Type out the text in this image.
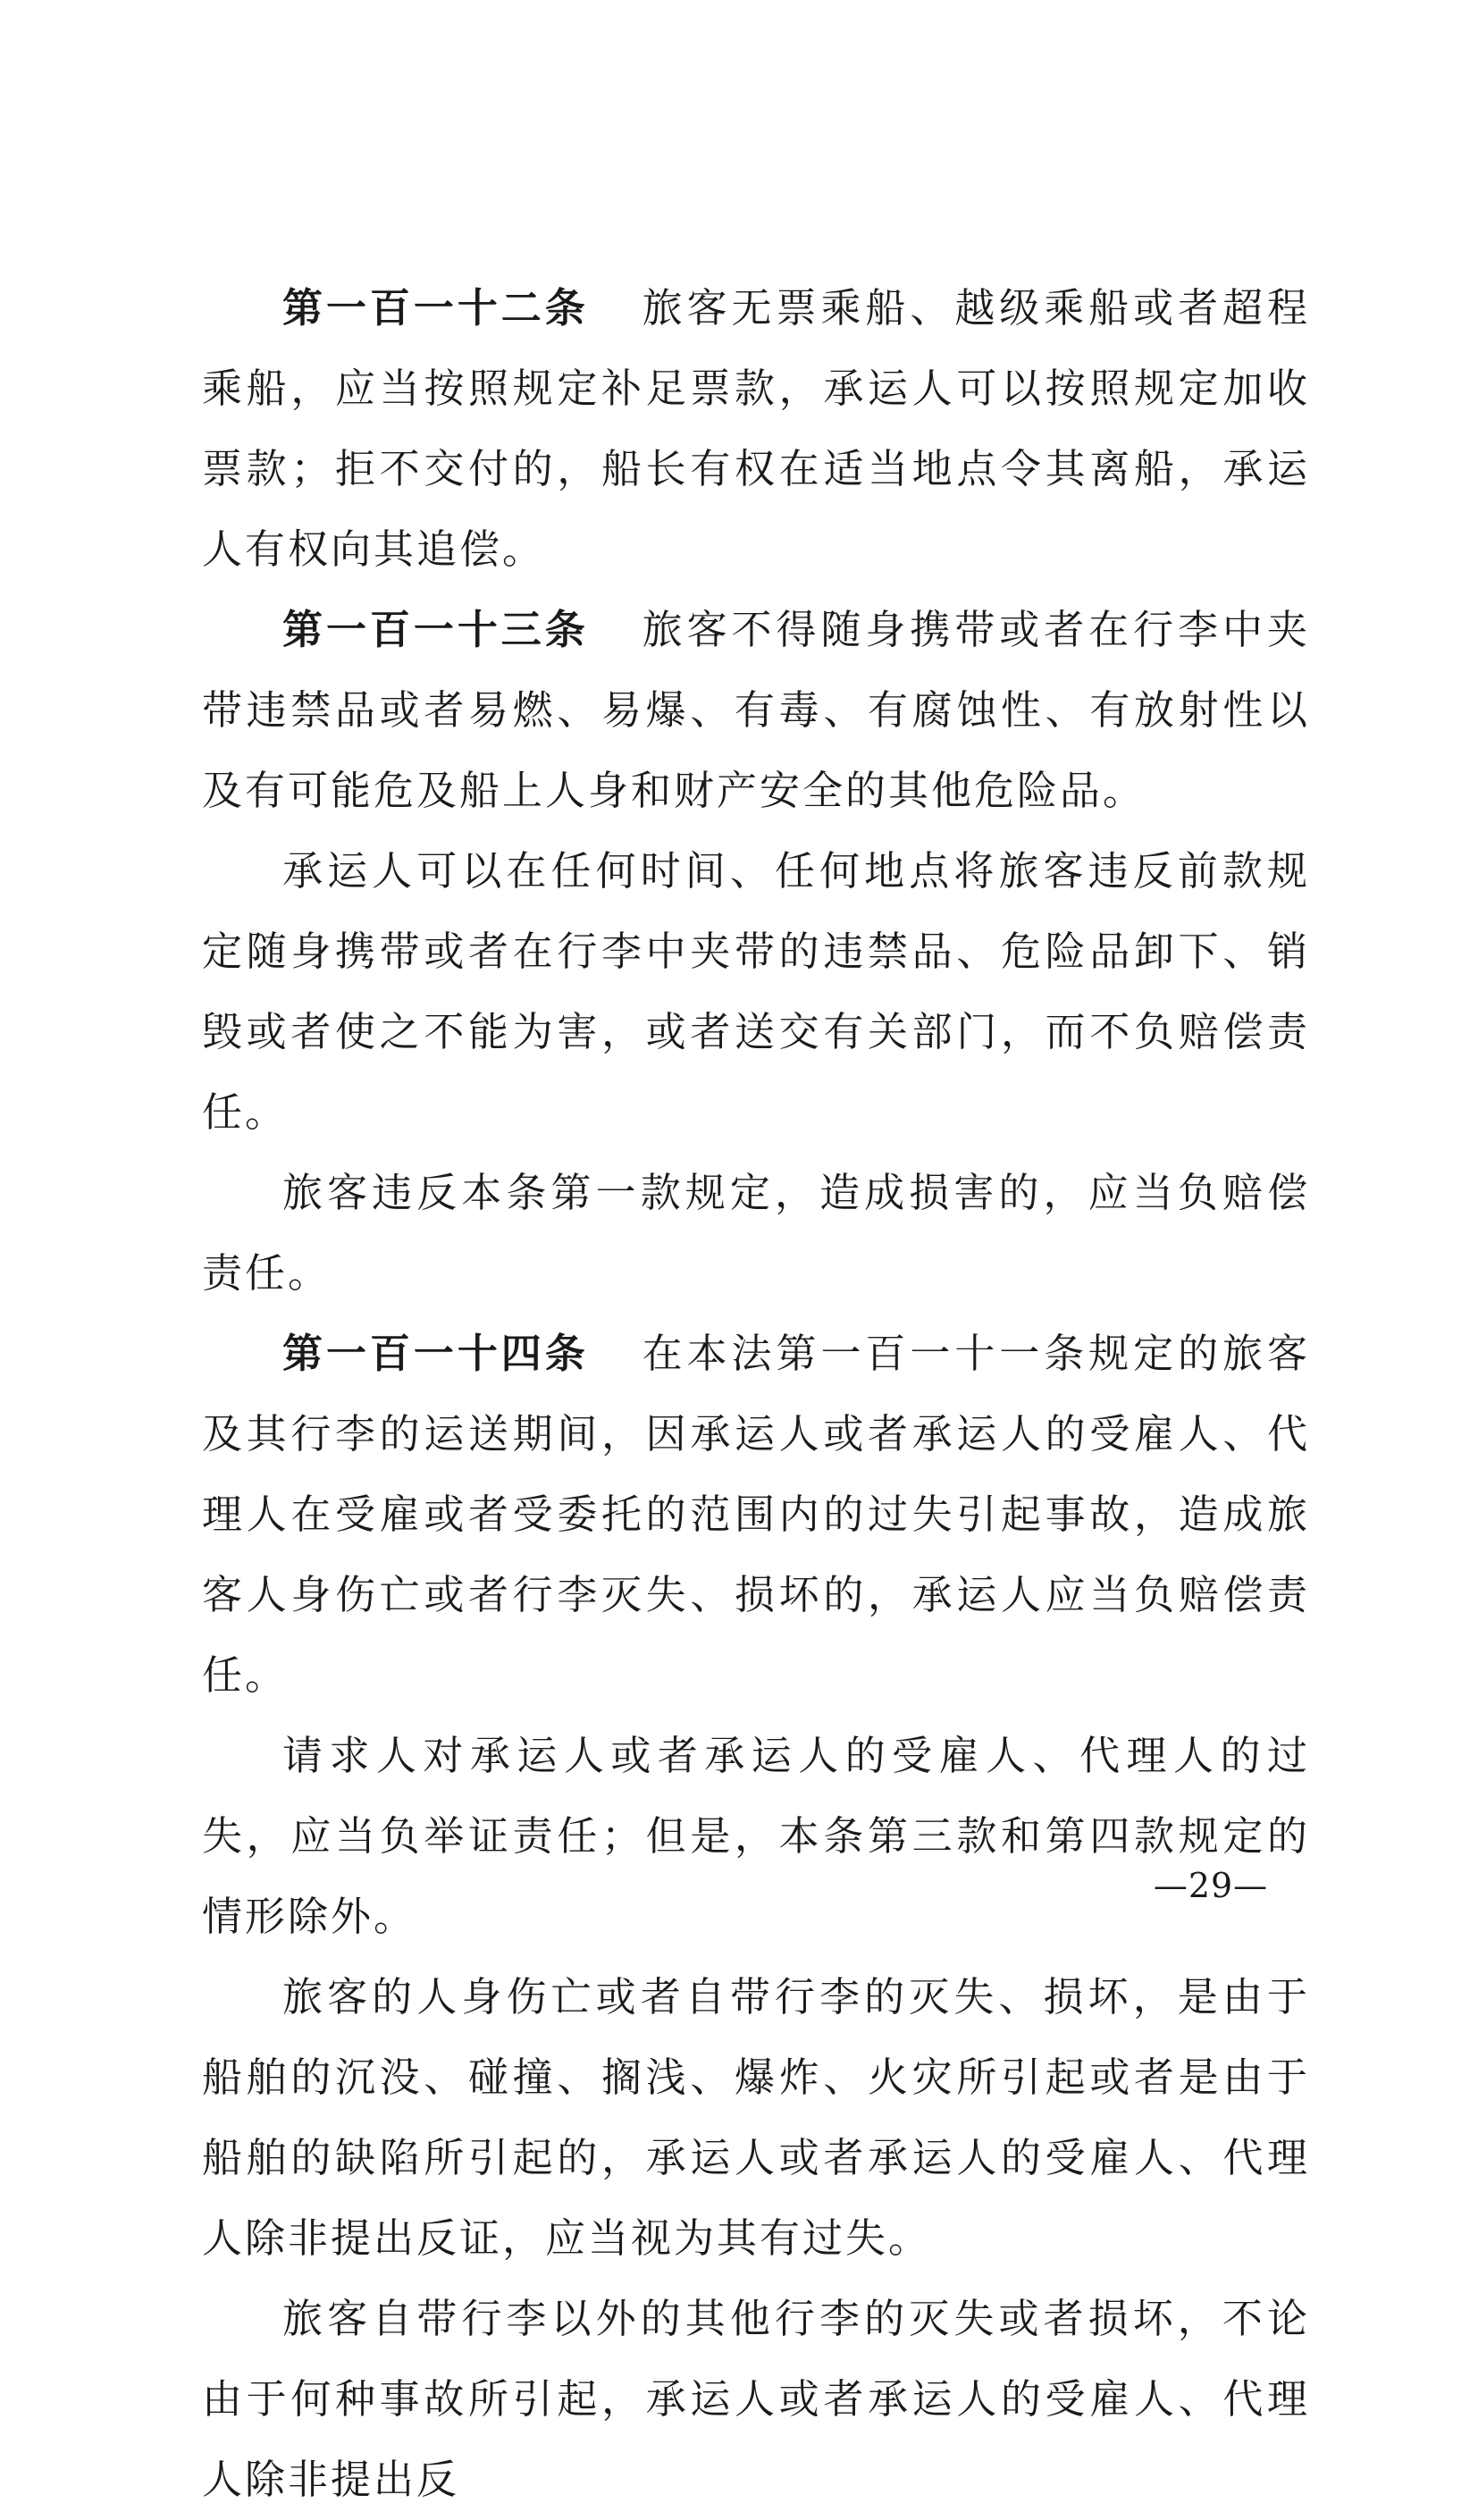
第一百一十二条 旅客无票乘船、越级乘船或者超程乘船，应当按照规定补足票款，承运人可以按照规定加收票款；拒不交付的，船长有权在适当地点令其离船，承运人有权向其追偿。

第一百一十三条 旅客不得随身携带或者在行李中夹带违禁品或者易燃、易爆、有毒、有腐蚀性、有放射性以及有可能危及船上人身和财产安全的其他危险品。

承运人可以在任何时间、任何地点将旅客违反前款规定随身携带或者在行李中夹带的违禁品、危险品卸下、销毁或者使之不能为害，或者送交有关部门，而不负赔偿责任。

旅客违反本条第一款规定，造成损害的，应当负赔偿责任。

第一百一十四条 在本法第一百一十一条规定的旅客及其行李的运送期间，因承运人或者承运人的受雇人、代理人在受雇或者受委托的范围内的过失引起事故，造成旅客人身伤亡或者行李灭失、损坏的，承运人应当负赔偿责任。

请求人对承运人或者承运人的受雇人、代理人的过失，应当负举证责任；但是，本条第三款和第四款规定的情形除外。

旅客的人身伤亡或者自带行李的灭失、损坏，是由于船舶的沉没、碰撞、搁浅、爆炸、火灾所引起或者是由于船舶的缺陷所引起的，承运人或者承运人的受雇人、代理人除非提出反证，应当视为其有过失。

旅客自带行李以外的其他行李的灭失或者损坏，不论由于何种事故所引起，承运人或者承运人的受雇人、代理人除非提出反

—29—
